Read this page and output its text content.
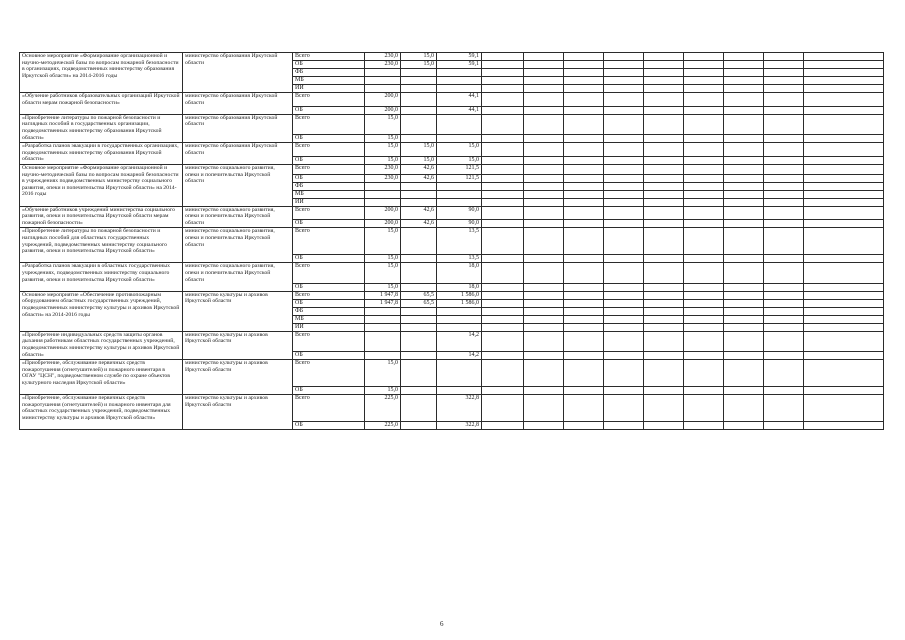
Основное мероприятие «Формирование организационной и научно-методической базы по вопросам пожарной безопасности в организациях, подведомственных министерству образования Иркутской области» на 2014-2016 годы	министерство образования Иркутской области	Всего	230,0	15,0	59,1									
		ОБ	230,0	15,0	59,1									
		ФБ												
		МБ												
		ИИ												
«Обучение работников образовательных организаций Иркутской области мерам пожарной безопасности»	министерство образования Иркутской области	Всего	200,0		44,1									
		ОБ	200,0		44,1									
«Приобретение литературы по пожарной безопасности и наглядных пособий в государственных организации, подведомственных министерству образования Иркутской области»	министерство образования Иркутской области	Всего	15,0											
		ОБ	15,0											
«Разработка планов эвакуации в государственных организациях, подведомственных министерству образования Иркутской области»	министерство образования Иркутской области	Всего	15,0	15,0	15,0									
		ОБ	15,0	15,0	15,0									
Основное мероприятие «Формирование организационной и научно-методической базы по вопросам пожарной безопасности в учреждениях подведомственных министерству социального развития, опеки и попечительства Иркутской области» на 2014-2016 годы	министерство социального развития, опеки и попечительства Иркутской области	Всего	230,0	42,6	121,5									
		ОБ	230,0	42,6	121,5									
		ФБ												
		МБ												
		ИИ												
«Обучение работников учреждений министерства социального развития, опеки и попечительства Иркутской области мерам пожарной безопасности»	министерство социального развития, опеки и попечительства Иркутской области	Всего	200,0	42,6	90,0									
		ОБ	200,0	42,6	90,0									
«Приобретение литературы по пожарной безопасности и наглядных пособий для областных государственных учреждений, подведомственных министерству социального развития, опеки и попечительства Иркутской области»	министерство социального развития, опеки и попечительства Иркутской области	Всего	15,0		13,5									
		ОБ	15,0		13,5									
«Разработка планов эвакуации в областных государственных учреждениях, подведомственных министерству социального развития, опеки и попечительства Иркутской области»	министерство социального развития, опеки и попечительства Иркутской области	Всего	15,0		18,0									
		ОБ	15,0		18,0									
Основное мероприятие «Обеспечение противопожарным оборудованием областных государственных учреждений, подведомственных министерству культуры и архивов Иркутской области» на 2014-2016 годы	министерство культуры и архивов Иркутской области	Всего	1 947,8	65,5	1 586,0									
		ОБ	1 947,8	65,5	1 586,0									
		ФБ												
		МБ												
		ИИ												
«Приобретение индивидуальных средств защиты органов дыхания работникам областных государственных учреждений, подведомственных министерству культуры и архивов Иркутской области»	министерство культуры и архивов Иркутской области	Всего			14,2									
		ОБ			14,2									
«Приобретение, обслуживание первичных средств пожаротушения (огнетушителей) и пожарного инвентаря в ОГАУ "ЦСН", подведомственном службе по охране объектов культурного наследия Иркутской области»	министерство культуры и архивов Иркутской области	Всего	15,0											
		ОБ	15,0											
«Приобретение, обслуживание первичных средств пожаротушения (огнетушителей) и пожарного инвентаря для областных государственных учреждений, подведомственных министерству культуры и архивов Иркутской области»	министерство культуры и архивов Иркутской области	Всего	225,0		322,8									
		ОБ	225,0		322,8									
6
